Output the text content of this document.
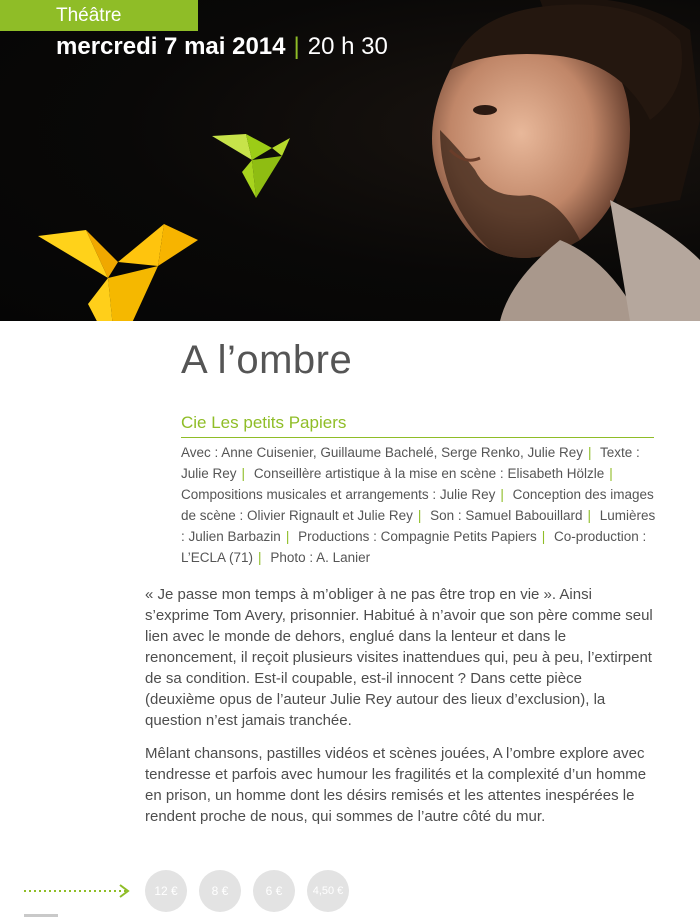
Théâtre
mercredi 7 mai 2014 | 20 h 30
A l’ombre
Cie Les petits Papiers
Avec : Anne Cuisenier, Guillaume Bachelé, Serge Renko, Julie Rey | Texte : Julie Rey | Conseillère artistique à la mise en scène : Elisabeth Hölzle | Compositions musicales et arrangements : Julie Rey | Conception des images de scène : Olivier Rignault et Julie Rey | Son : Samuel Babouillard | Lumières : Julien Barbazin | Productions : Compagnie Petits Papiers | Co-production : L’ECLA (71) | Photo : A. Lanier

« Je passe mon temps à m’obliger à ne pas être trop en vie ». Ainsi s’exprime Tom Avery, prisonnier. Habitué à n’avoir que son père comme seul lien avec le monde de dehors, englué dans la lenteur et dans le renoncement, il reçoit plusieurs visites inattendues qui, peu à peu, l’extirpent de sa condition. Est-il coupable, est-il innocent ? Dans cette pièce (deuxième opus de l’auteur Julie Rey autour des lieux d’exclusion), la question n’est jamais tranchée.

Mêlant chansons, pastilles vidéos et scènes jouées, A l’ombre explore avec tendresse et parfois avec humour les fragilités et la complexité d’un homme en prison, un homme dont les désirs remisés et les attentes inespérées le rendent proche de nous, qui sommes de l’autre côté du mur.

12 €	8 €	6 €	4,50 €
